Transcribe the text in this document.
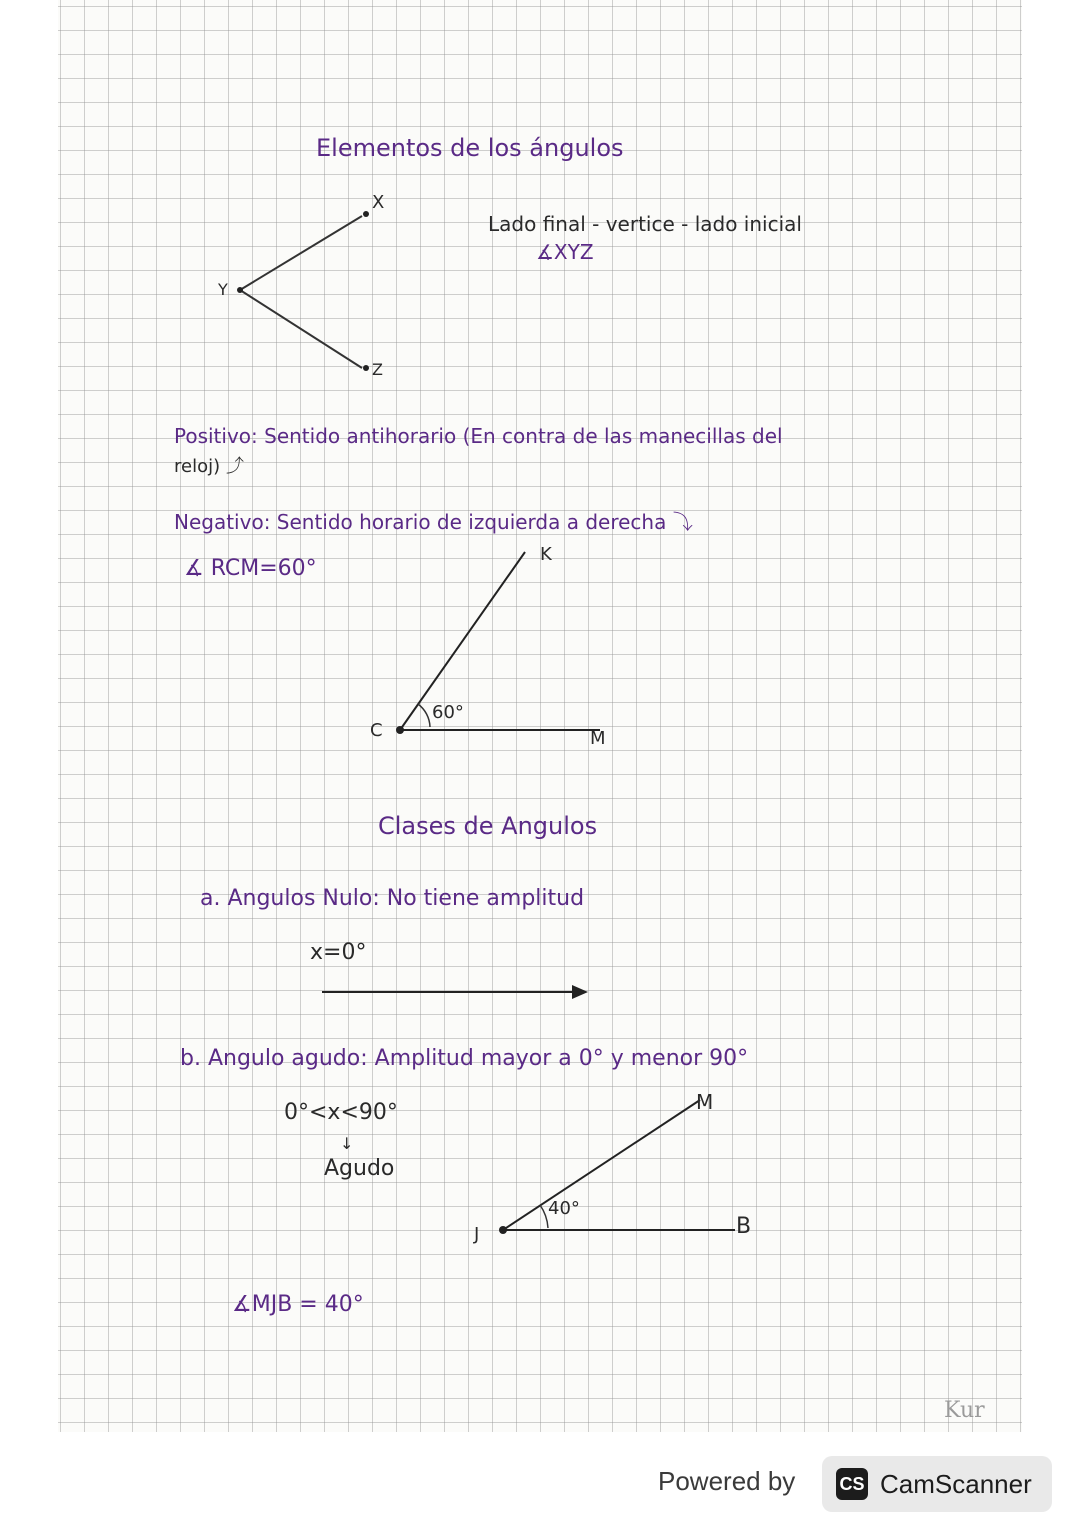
Elementos de los ángulos
X
Y
Z
Lado final - vertice - lado inicial
∡XYZ
Positivo: Sentido antihorario (En contra de las manecillas del
reloj) ⤴
Negativo: Sentido horario de izquierda a derecha ⤵
∡ RCM=60°
K
C	M
60°
Clases de Angulos
a. Angulos Nulo: No tiene amplitud
x=0°
b. Angulo agudo: Amplitud mayor a 0° y menor 90°
0°<x<90°
↓
Agudo
M
J	B
40°
∡MJB = 40°
Kur
Powered by CS CamScanner
